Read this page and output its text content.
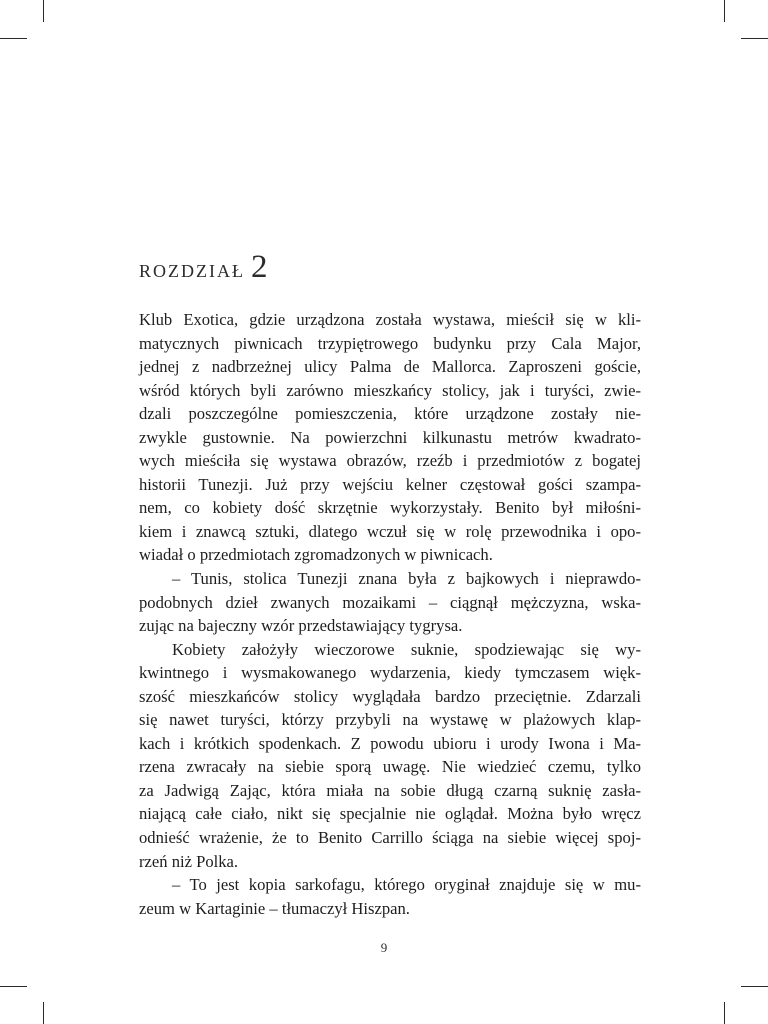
rozdział 2
Klub Exotica, gdzie urządzona została wystawa, mieścił się w kli-
matycznych piwnicach trzypiętrowego budynku przy Cala Major,
jednej z nadbrzeżnej ulicy Palma de Mallorca. Zaproszeni goście,
wśród których byli zarówno mieszkańcy stolicy, jak i turyści, zwie-
dzali poszczególne pomieszczenia, które urządzone zostały nie-
zwykle gustownie. Na powierzchni kilkunastu metrów kwadrato-
wych mieściła się wystawa obrazów, rzeźb i przedmiotów z bogatej
historii Tunezji. Już przy wejściu kelner częstował gości szampa-
nem, co kobiety dość skrzętnie wykorzystały. Benito był miłośni-
kiem i znawcą sztuki, dlatego wczuł się w rolę przewodnika i opo-
wiadał o przedmiotach zgromadzonych w piwnicach.
– Tunis, stolica Tunezji znana była z bajkowych i nieprawdo-
podobnych dzieł zwanych mozaikami – ciągnął mężczyzna, wska-
zując na bajeczny wzór przedstawiający tygrysa.
Kobiety założyły wieczorowe suknie, spodziewając się wy-
kwintnego i wysmakowanego wydarzenia, kiedy tymczasem więk-
szość mieszkańców stolicy wyglądała bardzo przeciętnie. Zdarzali
się nawet turyści, którzy przybyli na wystawę w plażowych klap-
kach i krótkich spodenkach. Z powodu ubioru i urody Iwona i Ma-
rzena zwracały na siebie sporą uwagę. Nie wiedzieć czemu, tylko
za Jadwigą Zając, która miała na sobie długą czarną suknię zasła-
niającą całe ciało, nikt się specjalnie nie oglądał. Można było wręcz
odnieść wrażenie, że to Benito Carrillo ściąga na siebie więcej spoj-
rzeń niż Polka.
– To jest kopia sarkofagu, którego oryginał znajduje się w mu-
zeum w Kartaginie – tłumaczył Hiszpan.
9
